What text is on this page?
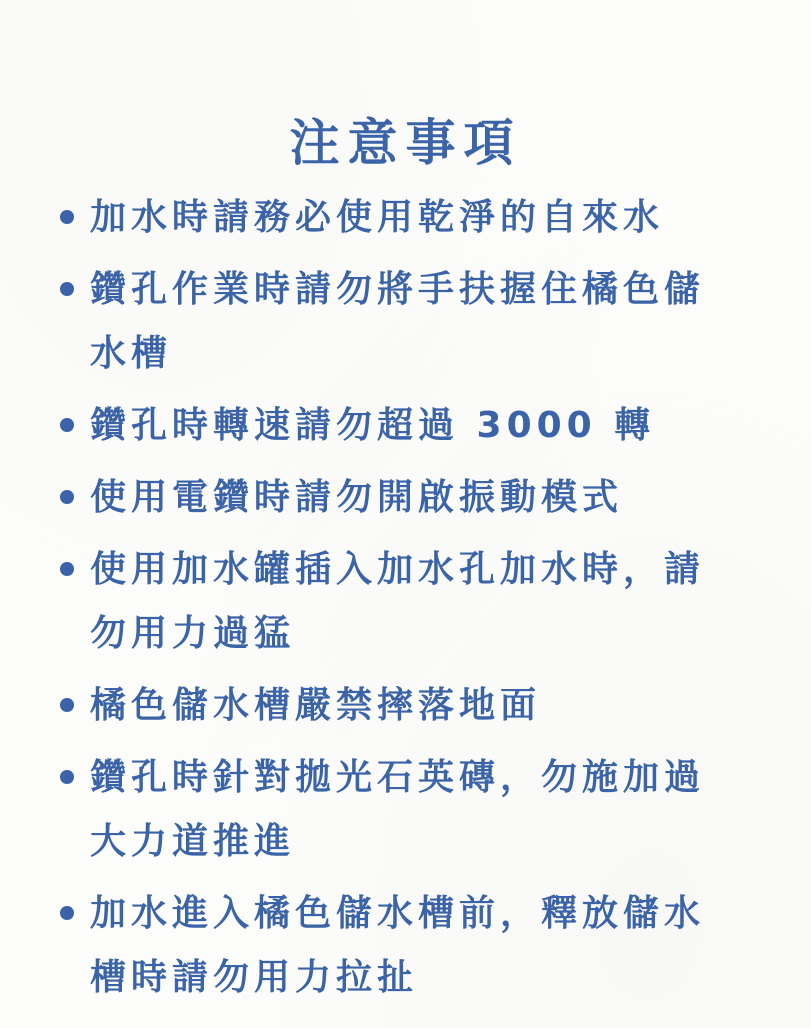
注意事項
加水時請務必使用乾淨的自來水
鑽孔作業時請勿將手扶握住橘色儲
水槽
鑽孔時轉速請勿超過 3000 轉
使用電鑽時請勿開啟振動模式
使用加水罐插入加水孔加水時，請
勿用力過猛
橘色儲水槽嚴禁摔落地面
鑽孔時針對拋光石英磚，勿施加過
大力道推進
加水進入橘色儲水槽前，釋放儲水
槽時請勿用力拉扯
